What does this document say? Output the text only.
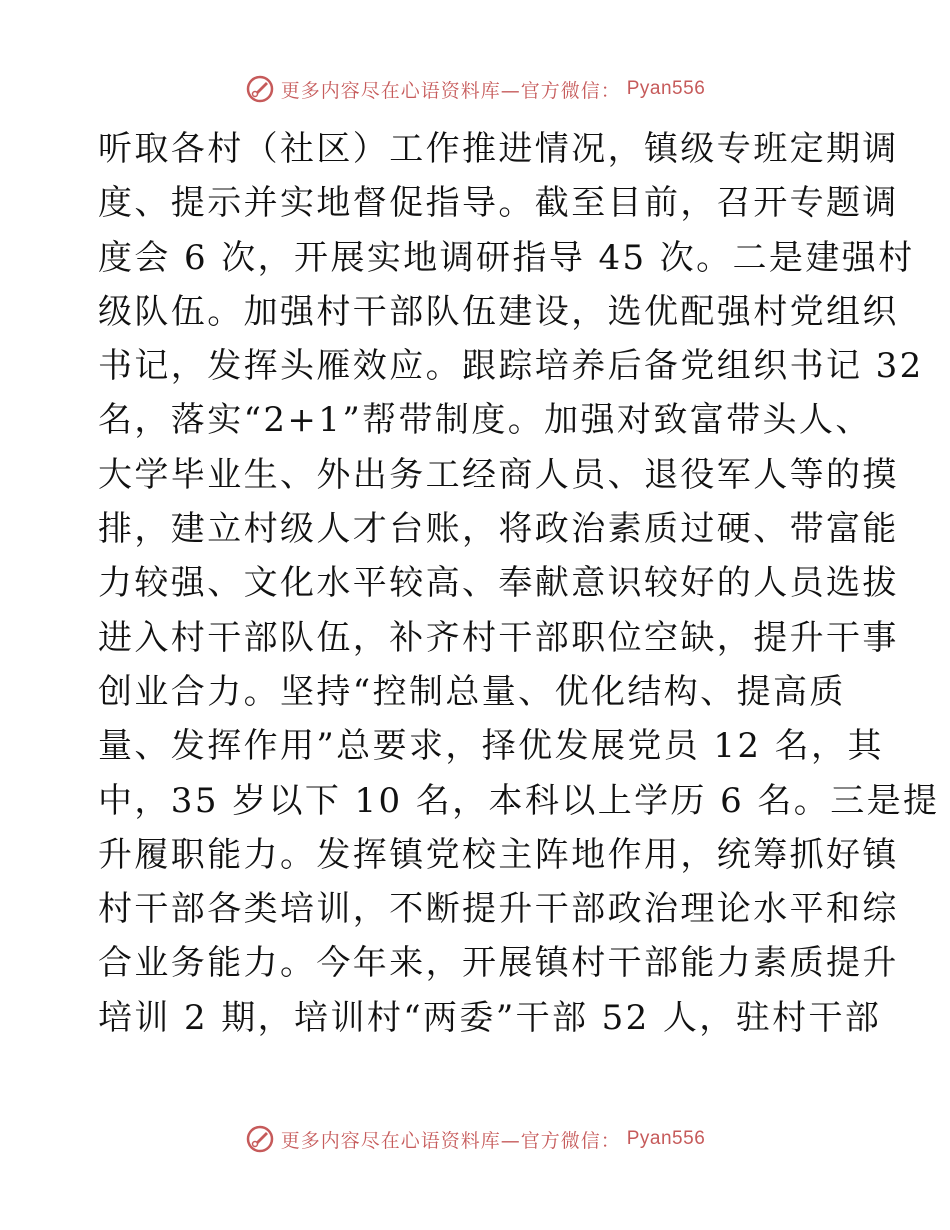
更多内容尽在心语资料库—官方微信： Pyan556
听取各村（社区）工作推进情况，镇级专班定期调
度、提示并实地督促指导。截至目前，召开专题调
度会 6 次，开展实地调研指导 45 次。二是建强村
级队伍。加强村干部队伍建设，选优配强村党组织
书记，发挥头雁效应。跟踪培养后备党组织书记 32
名，落实“2+1”帮带制度。加强对致富带头人、
大学毕业生、外出务工经商人员、退役军人等的摸
排，建立村级人才台账，将政治素质过硬、带富能
力较强、文化水平较高、奉献意识较好的人员选拔
进入村干部队伍，补齐村干部职位空缺，提升干事
创业合力。坚持“控制总量、优化结构、提高质
量、发挥作用”总要求，择优发展党员 12 名，其
中，35 岁以下 10 名，本科以上学历 6 名。三是提
升履职能力。发挥镇党校主阵地作用，统筹抓好镇
村干部各类培训，不断提升干部政治理论水平和综
合业务能力。今年来，开展镇村干部能力素质提升
培训 2 期，培训村“两委”干部 52 人，驻村干部
更多内容尽在心语资料库—官方微信： Pyan556
